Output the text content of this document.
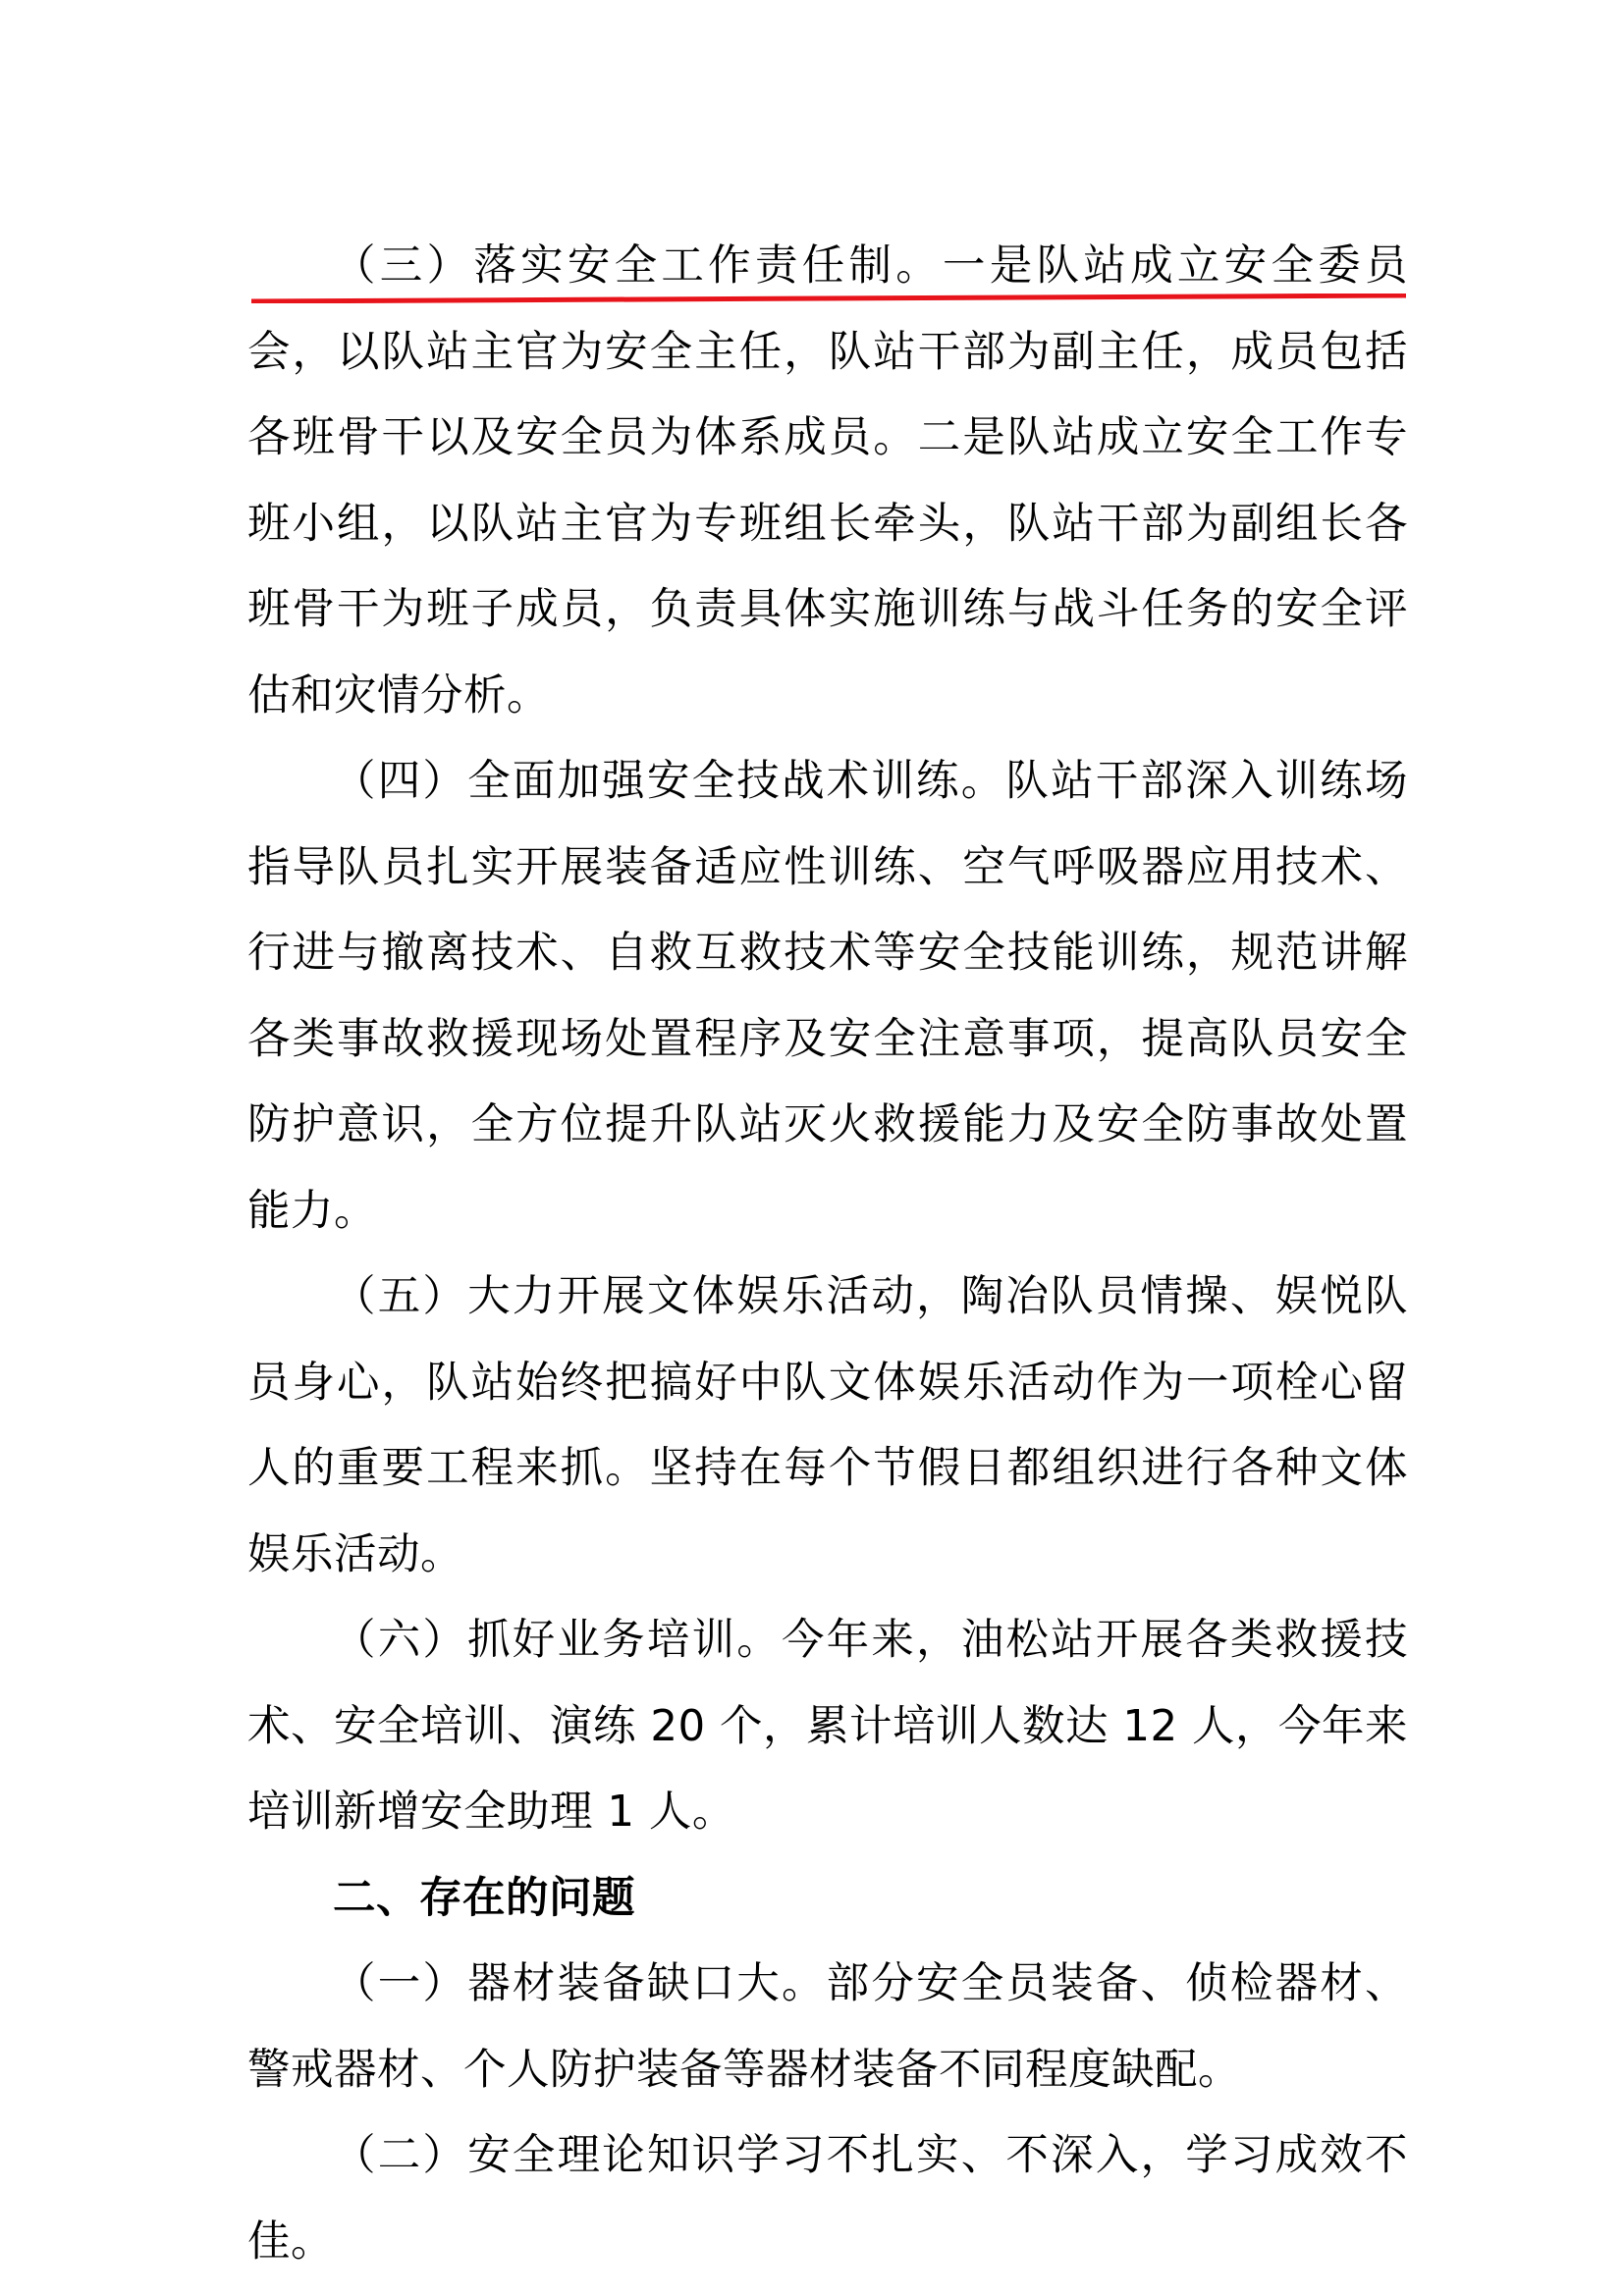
（三）落实安全工作责任制。一是队站成立安全委员会，以队站主官为安全主任，队站干部为副主任，成员包括各班骨干以及安全员为体系成员。二是队站成立安全工作专班小组，以队站主官为专班组长牵头，队站干部为副组长各班骨干为班子成员，负责具体实施训练与战斗任务的安全评估和灾情分析。

（四）全面加强安全技战术训练。队站干部深入训练场指导队员扎实开展装备适应性训练、空气呼吸器应用技术、行进与撤离技术、自救互救技术等安全技能训练，规范讲解各类事故救援现场处置程序及安全注意事项，提高队员安全防护意识，全方位提升队站灭火救援能力及安全防事故处置能力。

（五）大力开展文体娱乐活动，陶冶队员情操、娱悦队员身心，队站始终把搞好中队文体娱乐活动作为一项栓心留人的重要工程来抓。坚持在每个节假日都组织进行各种文体娱乐活动。

（六）抓好业务培训。今年来，油松站开展各类救援技术、安全培训、演练 20 个，累计培训人数达 12 人，今年来培训新增安全助理 1 人。

二、存在的问题

（一）器材装备缺口大。部分安全员装备、侦检器材、警戒器材、个人防护装备等器材装备不同程度缺配。

（二）安全理论知识学习不扎实、不深入，学习成效不佳。
